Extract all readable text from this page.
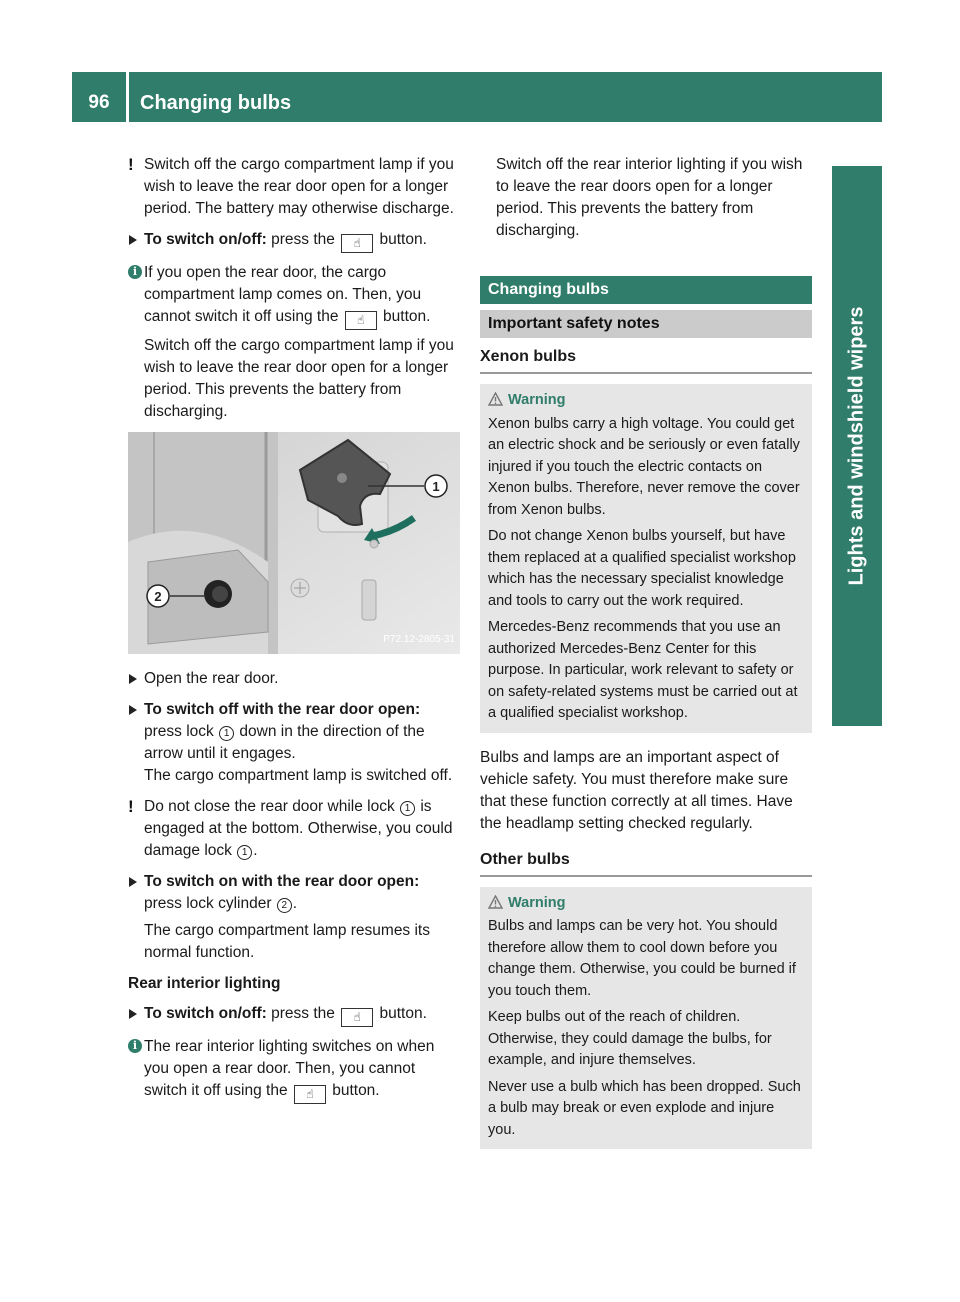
96	Changing bulbs
Lights and windshield wipers
! Switch off the cargo compartment lamp if you wish to leave the rear door open for a longer period. The battery may otherwise discharge.

To switch on/off: press the ☝ button.

i If you open the rear door, the cargo compartment lamp comes on. Then, you cannot switch it off using the ☝ button.

Switch off the cargo compartment lamp if you wish to leave the rear door open for a longer period. This prevents the battery from discharging.

1
2
P72.12-2805-31

Open the rear door.

To switch off with the rear door open:

press lock 1 down in the direction of the arrow until it engages.

The cargo compartment lamp is switched off.

! Do not close the rear door while lock 1 is engaged at the bottom. Otherwise, you could damage lock 1 .

To switch on with the rear door open:

press lock cylinder 2 .

The cargo compartment lamp resumes its normal function.

Rear interior lighting

To switch on/off: press the ☝ button.

i The rear interior lighting switches on when you open a rear door. Then, you cannot switch it off using the ☝ button.

Switch off the rear interior lighting if you wish to leave the rear doors open for a longer period. This prevents the battery from discharging.

Changing bulbs
Important safety notes
Xenon bulbs
Warning

Xenon bulbs carry a high voltage. You could get an electric shock and be seriously or even fatally injured if you touch the electric contacts on Xenon bulbs. Therefore, never remove the cover from Xenon bulbs.

Do not change Xenon bulbs yourself, but have them replaced at a qualified specialist workshop which has the necessary specialist knowledge and tools to carry out the work required.

Mercedes-Benz recommends that you use an authorized Mercedes-Benz Center for this purpose. In particular, work relevant to safety or on safety-related systems must be carried out at a qualified specialist workshop.

Bulbs and lamps are an important aspect of vehicle safety. You must therefore make sure that these function correctly at all times. Have the headlamp setting checked regularly.

Other bulbs
Warning

Bulbs and lamps can be very hot. You should therefore allow them to cool down before you change them. Otherwise, you could be burned if you touch them.

Keep bulbs out of the reach of children. Otherwise, they could damage the bulbs, for example, and injure themselves.

Never use a bulb which has been dropped. Such a bulb may break or even explode and injure you.
